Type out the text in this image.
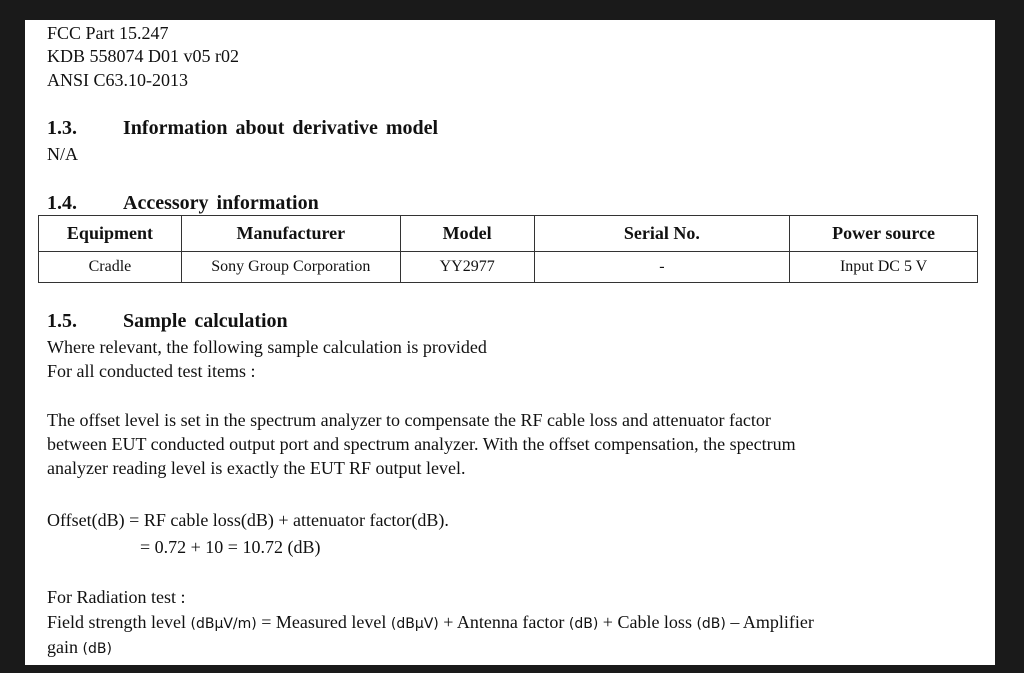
FCC Part 15.247
KDB 558074 D01 v05 r02
ANSI C63.10-2013
1.3. Information about derivative model
N/A
1.4. Accessory information
Equipment	Manufacturer	Model	Serial No.	Power source
Cradle	Sony Group Corporation	YY2977	-	Input DC 5 V
1.5. Sample calculation
Where relevant, the following sample calculation is provided
For all conducted test items :
The offset level is set in the spectrum analyzer to compensate the RF cable loss and attenuator factor
between EUT conducted output port and spectrum analyzer. With the offset compensation, the spectrum
analyzer reading level is exactly the EUT RF output level.
Offset(dB) = RF cable loss(dB) + attenuator factor(dB).
= 0.72 + 10 = 10.72 (dB)
For Radiation test :
Field strength level (dBµV/m) = Measured level (dBµV) + Antenna factor (dB) + Cable loss (dB) – Amplifier
gain (dB)
